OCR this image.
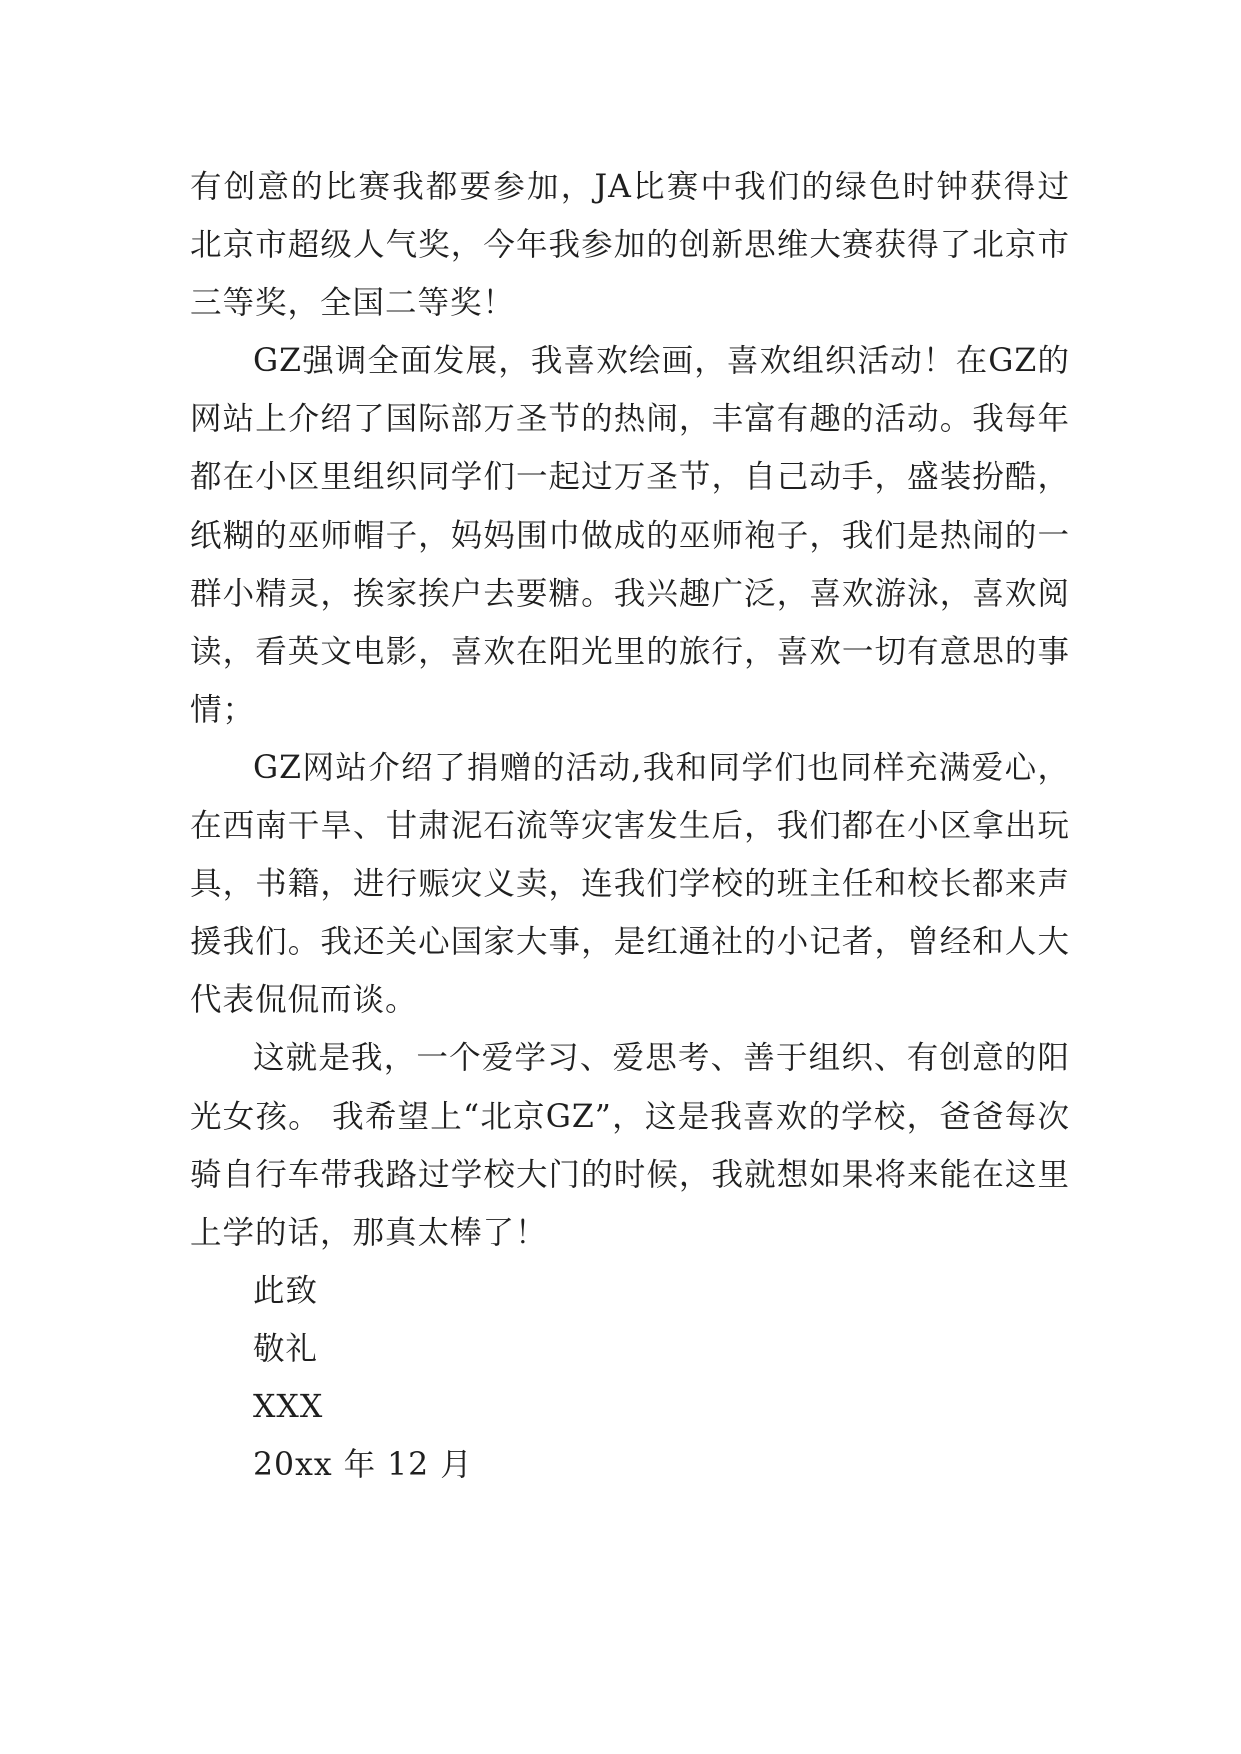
有创意的比赛我都要参加，JA比赛中我们的绿色时钟获得过北京市超级人气奖，今年我参加的创新思维大赛获得了北京市三等奖，全国二等奖！

GZ强调全面发展，我喜欢绘画，喜欢组织活动！在GZ的网站上介绍了国际部万圣节的热闹，丰富有趣的活动。我每年都在小区里组织同学们一起过万圣节，自己动手，盛装扮酷，纸糊的巫师帽子，妈妈围巾做成的巫师袍子，我们是热闹的一群小精灵，挨家挨户去要糖。我兴趣广泛，喜欢游泳，喜欢阅读，看英文电影，喜欢在阳光里的旅行，喜欢一切有意思的事情；

GZ网站介绍了捐赠的活动,我和同学们也同样充满爱心，在西南干旱、甘肃泥石流等灾害发生后，我们都在小区拿出玩具，书籍，进行赈灾义卖，连我们学校的班主任和校长都来声援我们。我还关心国家大事，是红通社的小记者，曾经和人大代表侃侃而谈。

这就是我，一个爱学习、爱思考、善于组织、有创意的阳光女孩。 我希望上“北京GZ”，这是我喜欢的学校，爸爸每次骑自行车带我路过学校大门的时候，我就想如果将来能在这里上学的话，那真太棒了！

此致

敬礼

XXX

20xx 年 12 月
